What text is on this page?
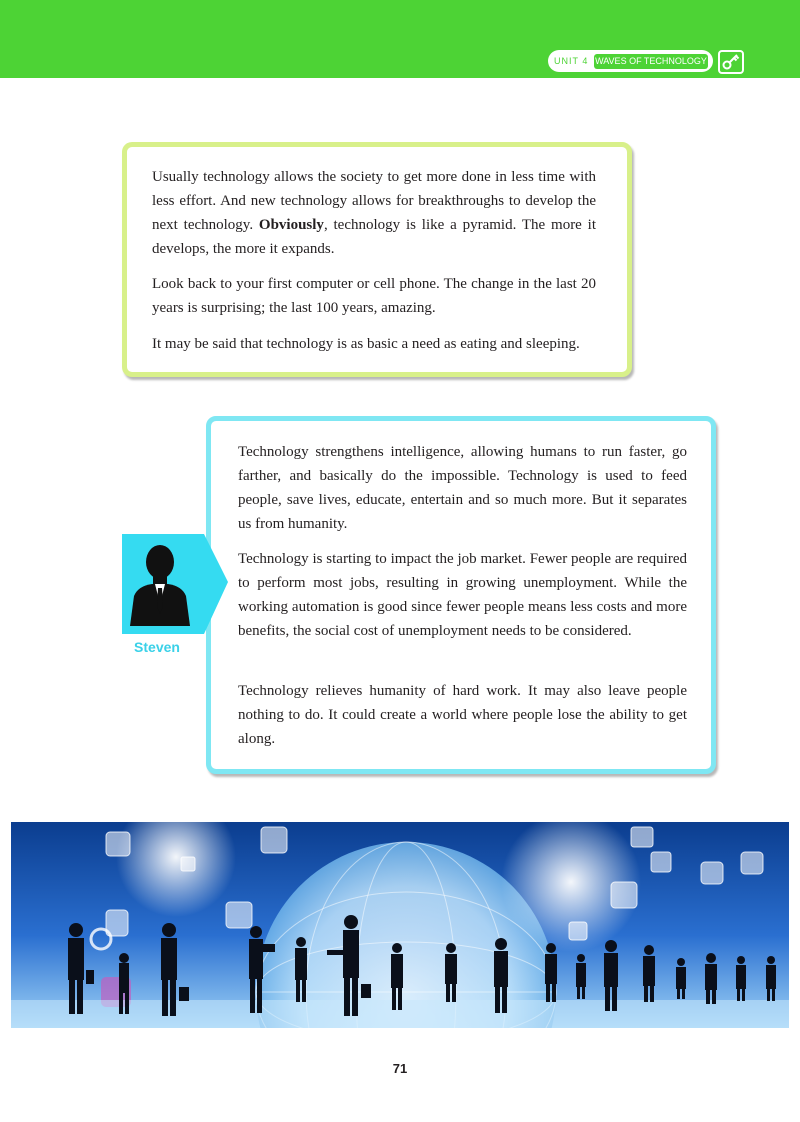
UNIT 4 WAVES OF TECHNOLOGY

Usually technology allows the society to get more done in less time with less effort. And new technology allows for breakthroughs to develop the next technology. Obviously, technology is like a pyramid. The more it develops, the more it expands.

Look back to your first computer or cell phone. The change in the last 20 years is surprising; the last 100 years, amazing.

It may be said that technology is as basic a need as eating and sleeping.

Technology strengthens intelligence, allowing humans to run faster, go farther, and basically do the impossible. Technology is used to feed people, save lives, educate, entertain and so much more. But it separates us from humanity.

Technology is starting to impact the job market. Fewer people are required to perform most jobs, resulting in growing unemployment. While the working automation is good since fewer people means less costs and more benefits, the social cost of unemployment needs to be considered.

Technology relieves humanity of hard work. It may also leave people nothing to do. It could create a world where people lose the ability to get along.

Steven
71
